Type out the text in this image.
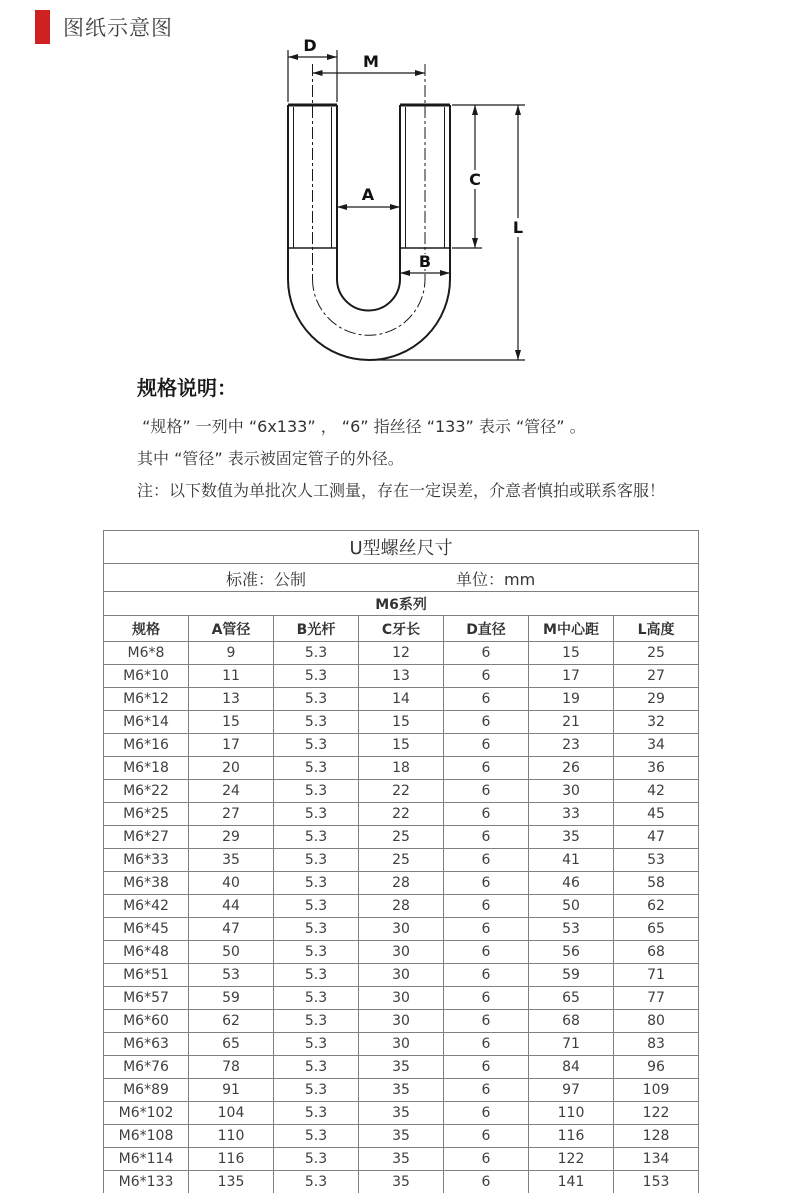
图纸示意图
D
M
A
B
C
L
规格说明：
“规格” 一列中 “6x133” ， “6” 指丝径 “133” 表示 “管径” 。
其中 “管径” 表示被固定管子的外径。
注：以下数值为单批次人工测量，存在一定误差，介意者慎拍或联系客服！
U型螺丝尺寸						

标准：公制 单位：mm						

M6系列						
规格	A管径	B光杆	C牙长	D直径	M中心距	L高度
M6*8	9	5.3	12	6	15	25
M6*10	11	5.3	13	6	17	27
M6*12	13	5.3	14	6	19	29
M6*14	15	5.3	15	6	21	32
M6*16	17	5.3	15	6	23	34
M6*18	20	5.3	18	6	26	36
M6*22	24	5.3	22	6	30	42
M6*25	27	5.3	22	6	33	45
M6*27	29	5.3	25	6	35	47
M6*33	35	5.3	25	6	41	53
M6*38	40	5.3	28	6	46	58
M6*42	44	5.3	28	6	50	62
M6*45	47	5.3	30	6	53	65
M6*48	50	5.3	30	6	56	68
M6*51	53	5.3	30	6	59	71
M6*57	59	5.3	30	6	65	77
M6*60	62	5.3	30	6	68	80
M6*63	65	5.3	30	6	71	83
M6*76	78	5.3	35	6	84	96
M6*89	91	5.3	35	6	97	109
M6*102	104	5.3	35	6	110	122
M6*108	110	5.3	35	6	116	128
M6*114	116	5.3	35	6	122	134
M6*133	135	5.3	35	6	141	153
